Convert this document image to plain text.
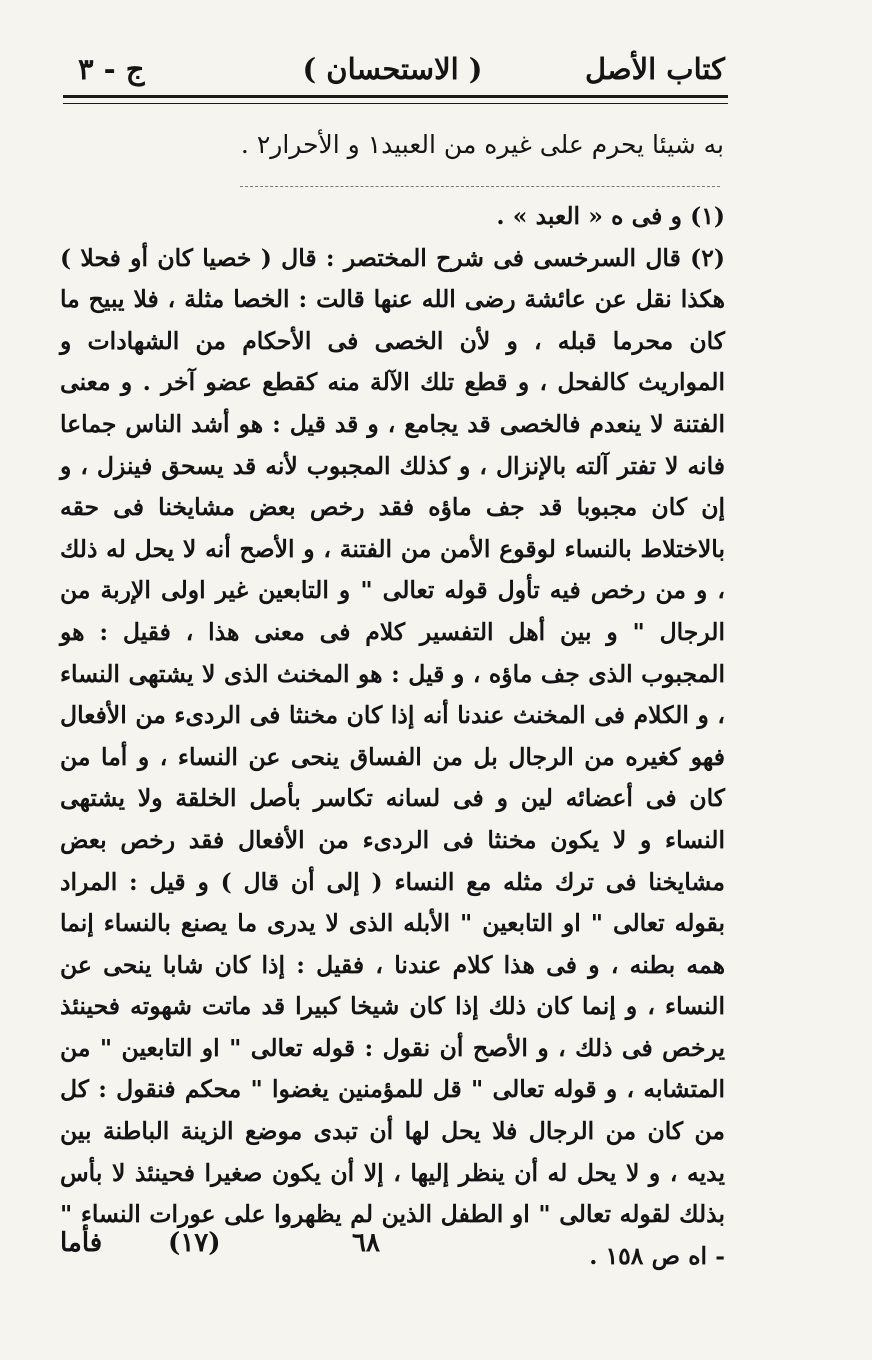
كتاب الأصل
( الاستحسان )
ج - ٣
به شيئا يحرم على غيره من العبيد١ و الأحرار٢ .

(١) و فى ه « العبد » .

(٢) قال السرخسى فى شرح المختصر : قال ( خصيا كان أو فحلا ) هكذا نقل عن عائشة رضى الله عنها قالت : الخصا مثلة ، فلا يبيح ما كان محرما قبله ، و لأن الخصى فى الأحكام من الشهادات و المواريث كالفحل ، و قطع تلك الآلة منه كقطع عضو آخر . و معنى الفتنة لا ينعدم فالخصى قد يجامع ، و قد قيل : هو أشد الناس جماعا فانه لا تفتر آلته بالإنزال ، و كذلك المجبوب لأنه قد يسحق فينزل ، و إن كان مجبوبا قد جف ماؤه فقد رخص بعض مشايخنا فى حقه بالاختلاط بالنساء لوقوع الأمن من الفتنة ، و الأصح أنه لا يحل له ذلك ، و من رخص فيه تأول قوله تعالى " و التابعين غير اولى الإربة من الرجال " و بين أهل التفسير كلام فى معنى هذا ، فقيل : هو المجبوب الذى جف ماؤه ، و قيل : هو المخنث الذى لا يشتهى النساء ، و الكلام فى المخنث عندنا أنه إذا كان مخنثا فى الردىء من الأفعال فهو كغيره من الرجال بل من الفساق ينحى عن النساء ، و أما من كان فى أعضائه لين و فى لسانه تكاسر بأصل الخلقة ولا يشتهى النساء و لا يكون مخنثا فى الردىء من الأفعال فقد رخص بعض مشايخنا فى ترك مثله مع النساء ( إلى أن قال ) و قيل : المراد بقوله تعالى " او التابعين " الأبله الذى لا يدرى ما يصنع بالنساء إنما همه بطنه ، و فى هذا كلام عندنا ، فقيل : إذا كان شابا ينحى عن النساء ، و إنما كان ذلك إذا كان شيخا كبيرا قد ماتت شهوته فحينئذ يرخص فى ذلك ، و الأصح أن نقول : قوله تعالى " او التابعين " من المتشابه ، و قوله تعالى " قل للمؤمنين يغضوا " محكم فنقول : كل من كان من الرجال فلا يحل لها أن تبدى موضع الزينة الباطنة بين يديه ، و لا يحل له أن ينظر إليها ، إلا أن يكون صغيرا فحينئذ لا بأس بذلك لقوله تعالى " او الطفل الذين لم يظهروا على عورات النساء " - اه ص ١٥٨ .

فأما	(١٧)	٦٨
